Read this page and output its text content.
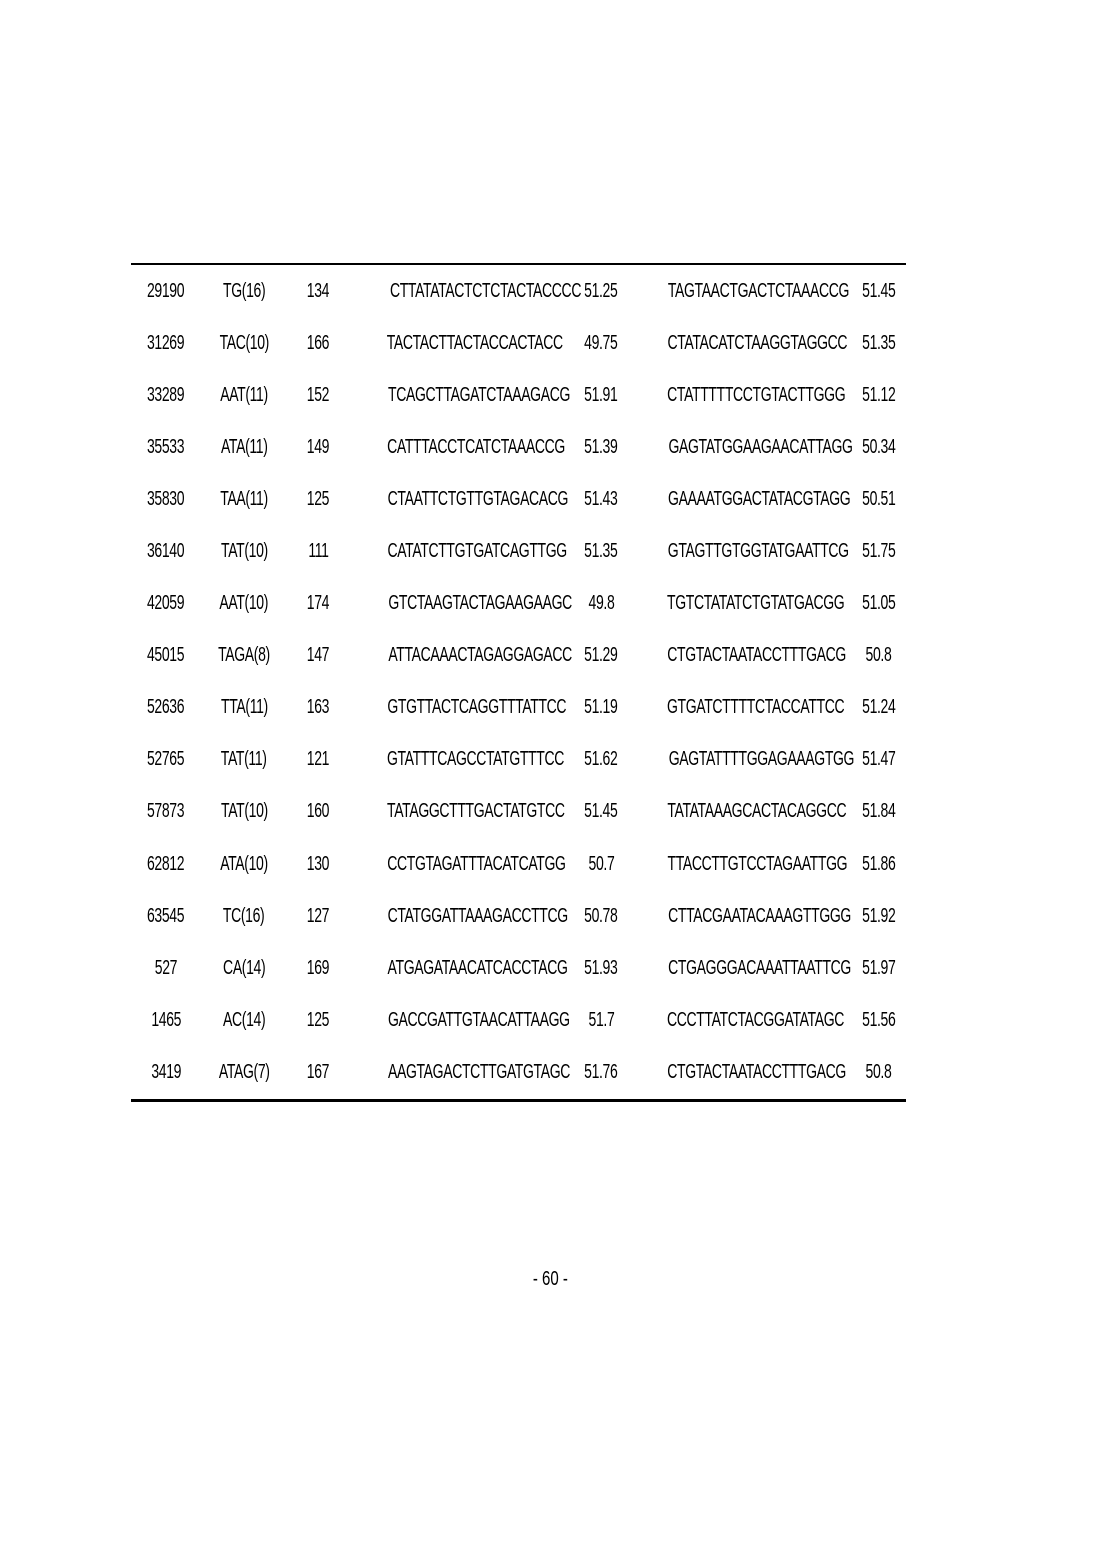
29190	TG(16)	134	CTTATATACTCTCTACTACCCC	51.25	TAGTAACTGACTCTAAACCG	51.45
31269	TAC(10)	166	TACTACTTACTACCACTACC	49.75	CTATACATCTAAGGTAGGCC	51.35
33289	AAT(11)	152	TCAGCTTAGATCTAAAGACG	51.91	CTATTTTTCCTGTACTTGGG	51.12
35533	ATA(11)	149	CATTTACCTCATCTAAACCG	51.39	GAGTATGGAAGAACATTAGG	50.34
35830	TAA(11)	125	CTAATTCTGTTGTAGACACG	51.43	GAAAATGGACTATACGTAGG	50.51
36140	TAT(10)	111	CATATCTTGTGATCAGTTGG	51.35	GTAGTTGTGGTATGAATTCG	51.75
42059	AAT(10)	174	GTCTAAGTACTAGAAGAAGC	49.8	TGTCTATATCTGTATGACGG	51.05
45015	TAGA(8)	147	ATTACAAACTAGAGGAGACC	51.29	CTGTACTAATACCTTTGACG	50.8
52636	TTA(11)	163	GTGTTACTCAGGTTTATTCC	51.19	GTGATCTTTTCTACCATTCC	51.24
52765	TAT(11)	121	GTATTTCAGCCTATGTTTCC	51.62	GAGTATTTTGGAGAAAGTGG	51.47
57873	TAT(10)	160	TATAGGCTTTGACTATGTCC	51.45	TATATAAAGCACTACAGGCC	51.84
62812	ATA(10)	130	CCTGTAGATTTACATCATGG	50.7	TTACCTTGTCCTAGAATTGG	51.86
63545	TC(16)	127	CTATGGATTAAAGACCTTCG	50.78	CTTACGAATACAAAGTTGGG	51.92
527	CA(14)	169	ATGAGATAACATCACCTACG	51.93	CTGAGGGACAAATTAATTCG	51.97
1465	AC(14)	125	GACCGATTGTAACATTAAGG	51.7	CCCTTATCTACGGATATAGC	51.56
3419	ATAG(7)	167	AAGTAGACTCTTGATGTAGC	51.76	CTGTACTAATACCTTTGACG	50.8
- 60 -
